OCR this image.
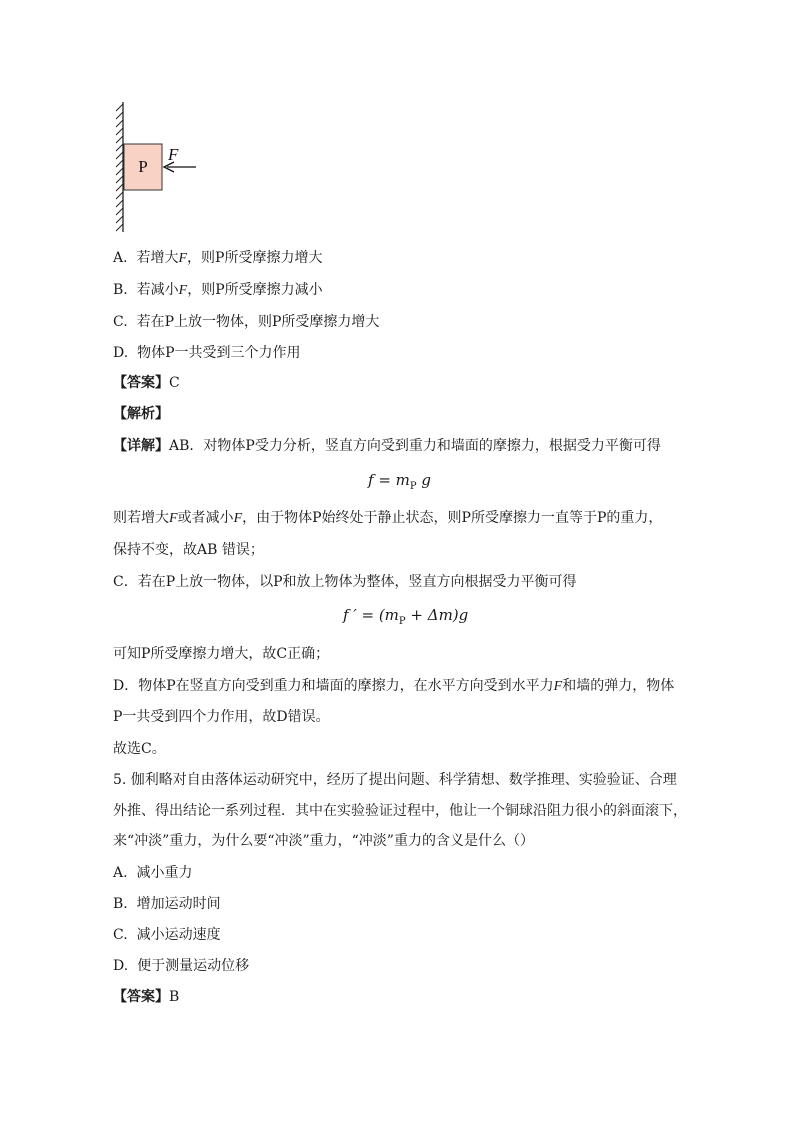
P
F
A. 若增大F，则P所受摩擦力增大
B. 若减小F，则P所受摩擦力减小
C. 若在P上放一物体，则P所受摩擦力增大
D. 物体P一共受到三个力作用
【答案】C
【解析】
【详解】AB．对物体P受力分析，竖直方向受到重力和墙面的摩擦力，根据受力平衡可得
$f = m_P$ g
则若增大F或者减小F，由于物体P始终处于静止状态，则P所受摩擦力一直等于P的重力，
保持不变，故AB 错误；
C．若在P上放一物体，以P和放上物体为整体，竖直方向根据受力平衡可得
f ′ = $(m_P + \Delta m)g$
可知P所受摩擦力增大，故C正确；
D．物体P在竖直方向受到重力和墙面的摩擦力，在水平方向受到水平力F和墙的弹力，物体
P一共受到四个力作用，故D错误。
故选C。
5. 伽利略对自由落体运动研究中，经历了提出问题、科学猜想、数学推理、实验验证、合理
外推、得出结论一系列过程．其中在实验验证过程中，他让一个铜球沿阻力很小的斜面滚下，
来“冲淡”重力，为什么要“冲淡”重力，“冲淡”重力的含义是什么（）
A. 减小重力
B. 增加运动时间
C. 减小运动速度
D. 便于测量运动位移
【答案】B
